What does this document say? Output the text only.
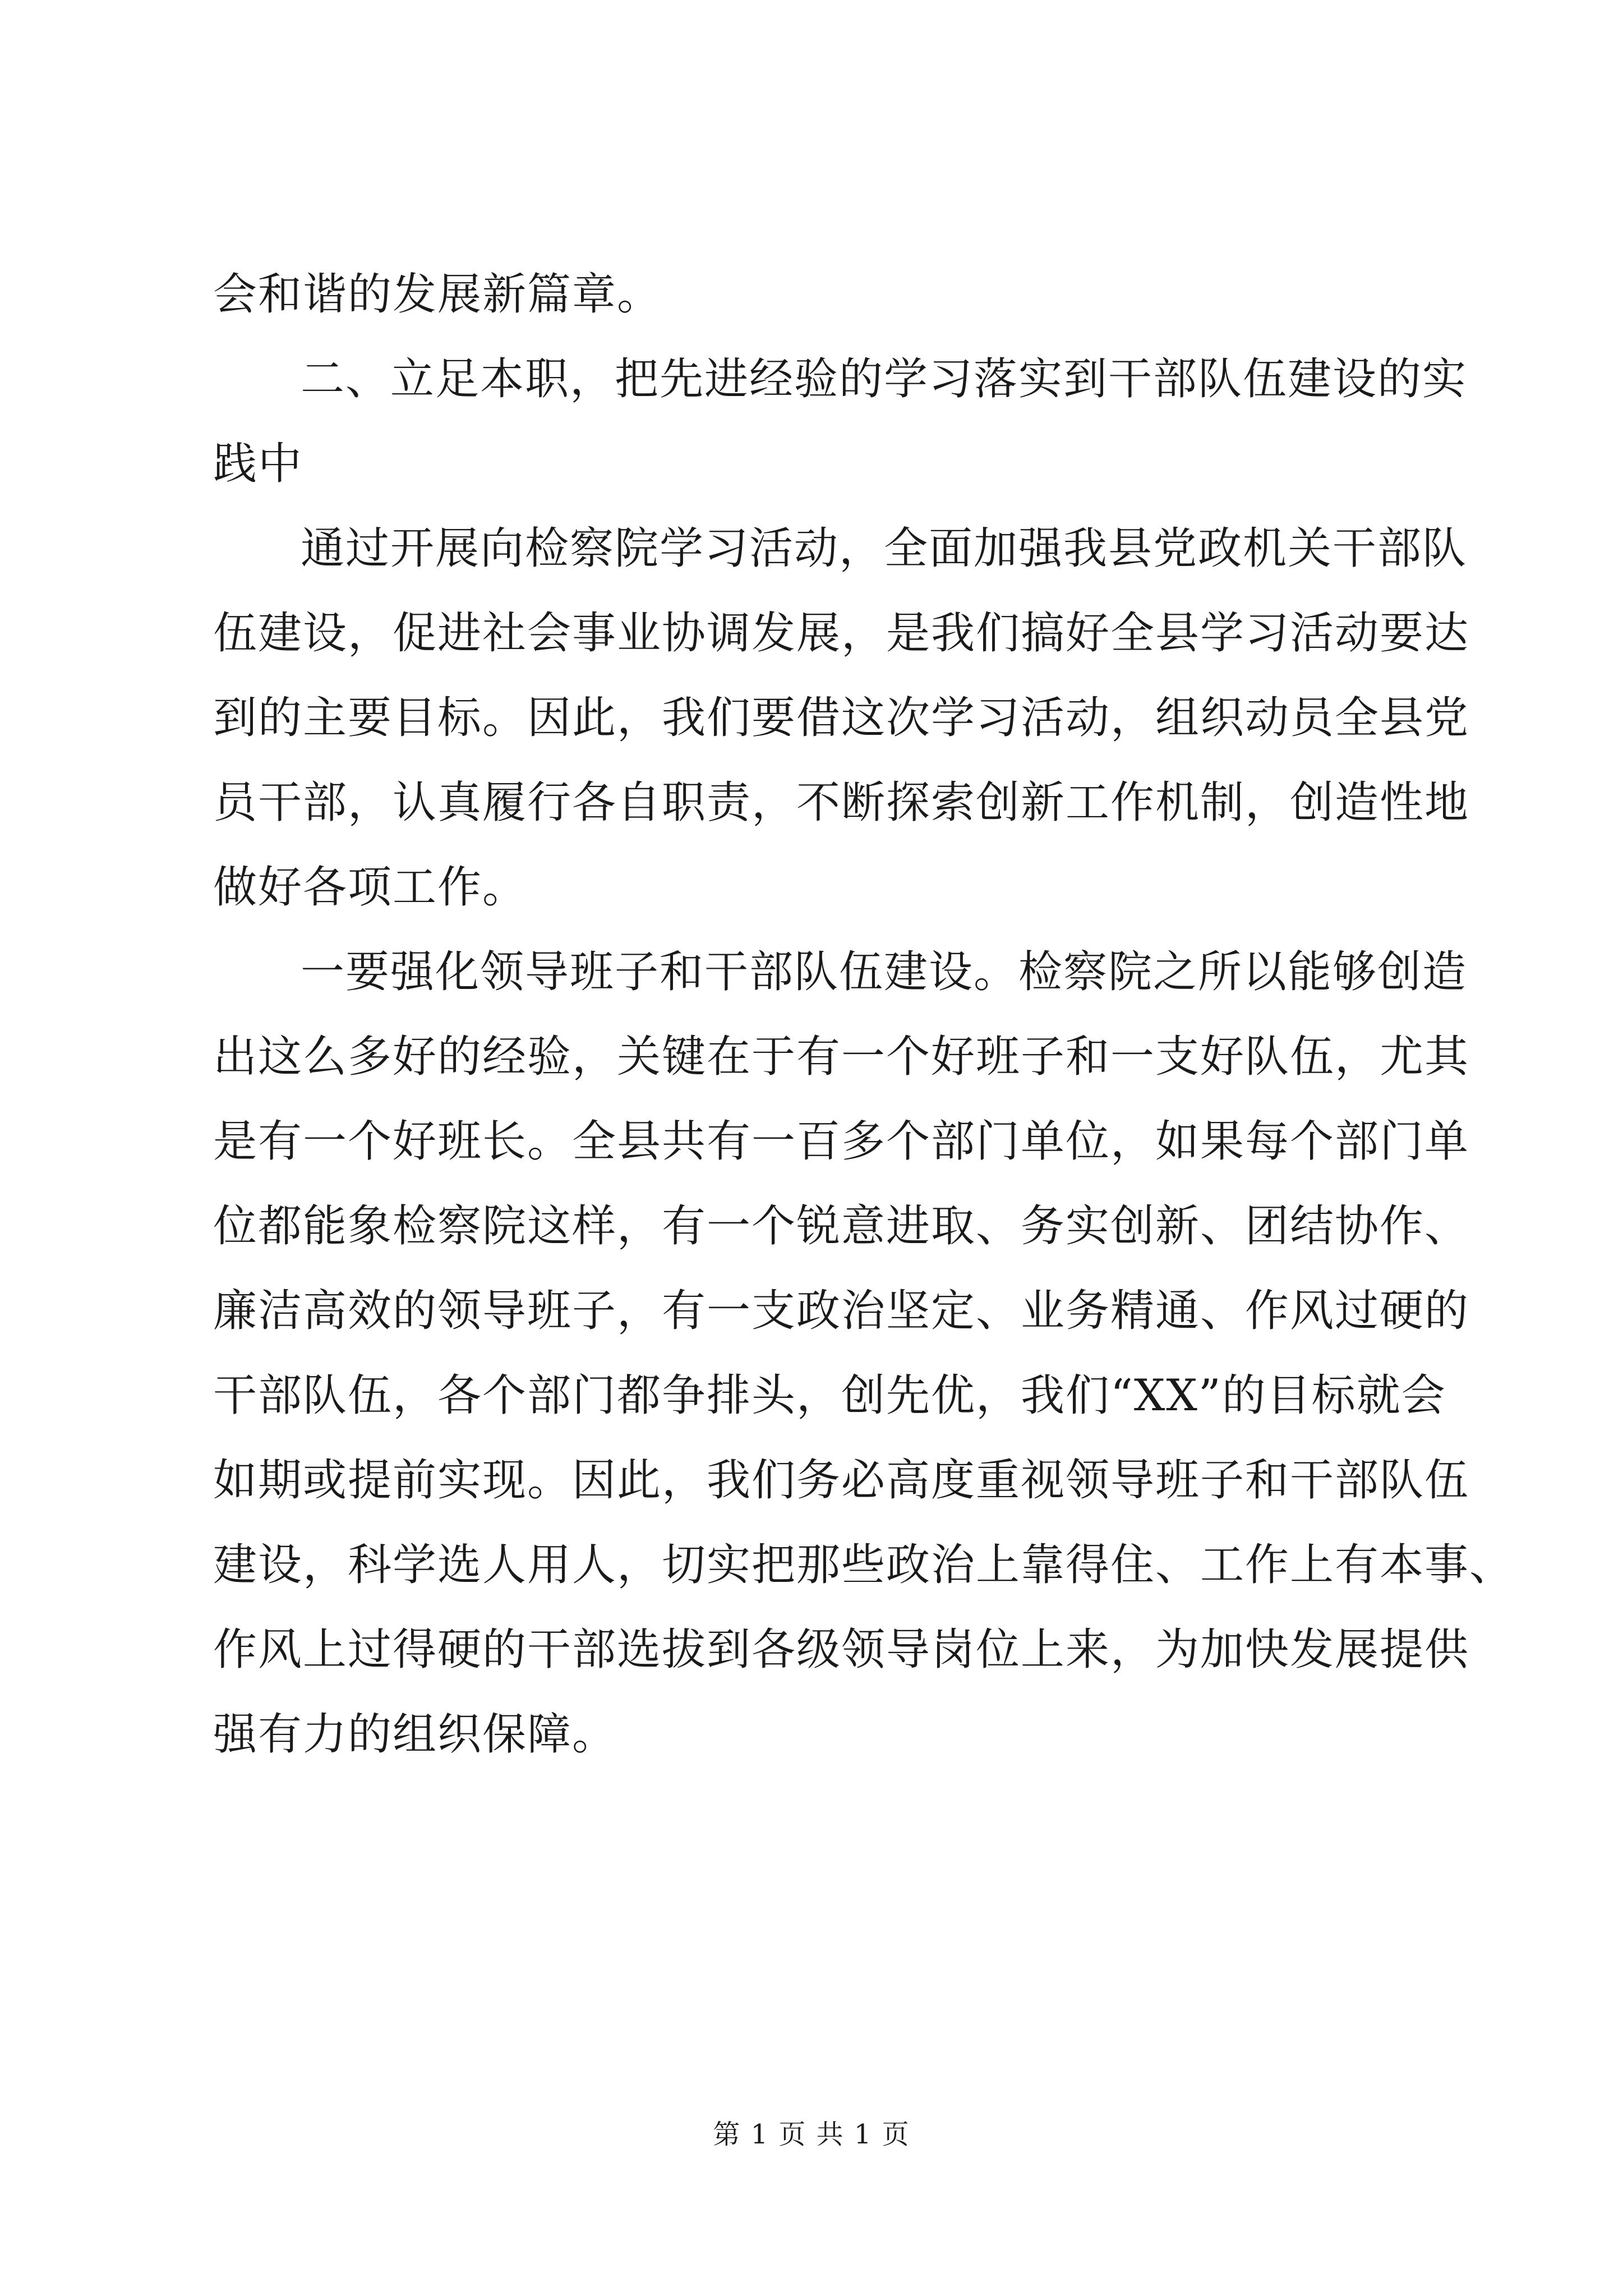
会和谐的发展新篇章。
二、立足本职，把先进经验的学习落实到干部队伍建设的实
践中
通过开展向检察院学习活动，全面加强我县党政机关干部队
伍建设，促进社会事业协调发展，是我们搞好全县学习活动要达
到的主要目标。因此，我们要借这次学习活动，组织动员全县党
员干部，认真履行各自职责，不断探索创新工作机制，创造性地
做好各项工作。
一要强化领导班子和干部队伍建设。检察院之所以能够创造
出这么多好的经验，关键在于有一个好班子和一支好队伍，尤其
是有一个好班长。全县共有一百多个部门单位，如果每个部门单
位都能象检察院这样，有一个锐意进取、务实创新、团结协作、
廉洁高效的领导班子，有一支政治坚定、业务精通、作风过硬的
干部队伍，各个部门都争排头，创先优，我们“XX”的目标就会
如期或提前实现。因此，我们务必高度重视领导班子和干部队伍
建设，科学选人用人，切实把那些政治上靠得住、工作上有本事、
作风上过得硬的干部选拔到各级领导岗位上来，为加快发展提供
强有力的组织保障。
第 1 页 共 1 页
